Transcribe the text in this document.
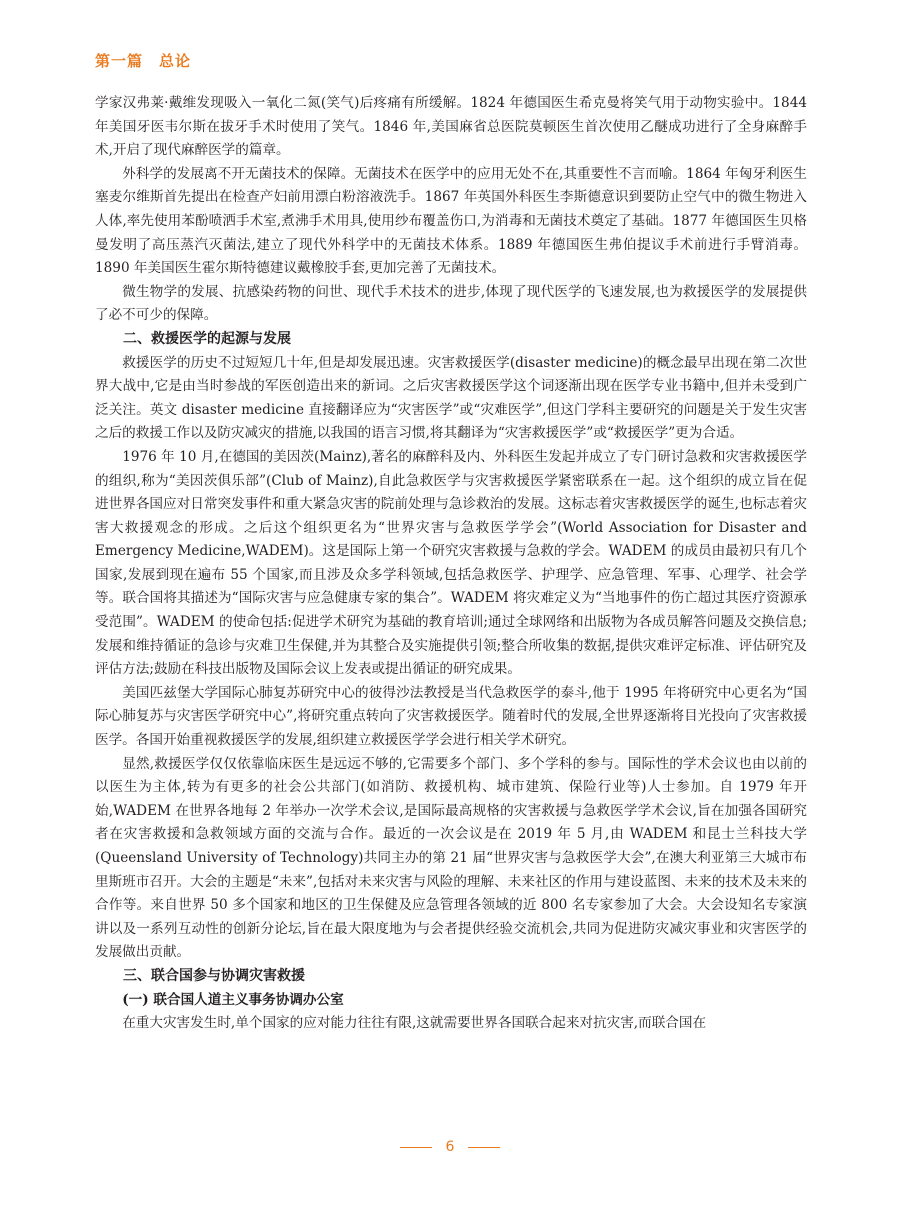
第一篇　总论

学家汉弗莱·戴维发现吸入一氧化二氮(笑气)后疼痛有所缓解。1824 年德国医生希克曼将笑气用于动物实验中。1844 年美国牙医韦尔斯在拔牙手术时使用了笑气。1846 年,美国麻省总医院莫顿医生首次使用乙醚成功进行了全身麻醉手术,开启了现代麻醉医学的篇章。

外科学的发展离不开无菌技术的保障。无菌技术在医学中的应用无处不在,其重要性不言而喻。1864 年匈牙利医生塞麦尔维斯首先提出在检查产妇前用漂白粉溶液洗手。1867 年英国外科医生李斯德意识到要防止空气中的微生物进入人体,率先使用苯酚喷洒手术室,煮沸手术用具,使用纱布覆盖伤口,为消毒和无菌技术奠定了基础。1877 年德国医生贝格曼发明了高压蒸汽灭菌法,建立了现代外科学中的无菌技术体系。1889 年德国医生弗伯提议手术前进行手臂消毒。1890 年美国医生霍尔斯特德建议戴橡胶手套,更加完善了无菌技术。

微生物学的发展、抗感染药物的问世、现代手术技术的进步,体现了现代医学的飞速发展,也为救援医学的发展提供了必不可少的保障。

二、救援医学的起源与发展

救援医学的历史不过短短几十年,但是却发展迅速。灾害救援医学(disaster medicine)的概念最早出现在第二次世界大战中,它是由当时参战的军医创造出来的新词。之后灾害救援医学这个词逐渐出现在医学专业书籍中,但并未受到广泛关注。英文 disaster medicine 直接翻译应为“灾害医学”或“灾难医学”,但这门学科主要研究的问题是关于发生灾害之后的救援工作以及防灾减灾的措施,以我国的语言习惯,将其翻译为“灾害救援医学”或“救援医学”更为合适。

1976 年 10 月,在德国的美因茨(Mainz),著名的麻醉科及内、外科医生发起并成立了专门研讨急救和灾害救援医学的组织,称为“美因茨俱乐部”(Club of Mainz),自此急救医学与灾害救援医学紧密联系在一起。这个组织的成立旨在促进世界各国应对日常突发事件和重大紧急灾害的院前处理与急诊救治的发展。这标志着灾害救援医学的诞生,也标志着灾害大救援观念的形成。之后这个组织更名为“世界灾害与急救医学学会”(World Association for Disaster and Emergency Medicine,WADEM)。这是国际上第一个研究灾害救援与急救的学会。WADEM 的成员由最初只有几个国家,发展到现在遍布 55 个国家,而且涉及众多学科领域,包括急救医学、护理学、应急管理、军事、心理学、社会学等。联合国将其描述为“国际灾害与应急健康专家的集合”。WADEM 将灾难定义为“当地事件的伤亡超过其医疗资源承受范围”。WADEM 的使命包括:促进学术研究为基础的教育培训;通过全球网络和出版物为各成员解答问题及交换信息;发展和维持循证的急诊与灾难卫生保健,并为其整合及实施提供引领;整合所收集的数据,提供灾难评定标准、评估研究及评估方法;鼓励在科技出版物及国际会议上发表或提出循证的研究成果。

美国匹兹堡大学国际心肺复苏研究中心的彼得沙法教授是当代急救医学的泰斗,他于 1995 年将研究中心更名为“国际心肺复苏与灾害医学研究中心”,将研究重点转向了灾害救援医学。随着时代的发展,全世界逐渐将目光投向了灾害救援医学。各国开始重视救援医学的发展,组织建立救援医学学会进行相关学术研究。

显然,救援医学仅仅依靠临床医生是远远不够的,它需要多个部门、多个学科的参与。国际性的学术会议也由以前的以医生为主体,转为有更多的社会公共部门(如消防、救援机构、城市建筑、保险行业等)人士参加。自 1979 年开始,WADEM 在世界各地每 2 年举办一次学术会议,是国际最高规格的灾害救援与急救医学学术会议,旨在加强各国研究者在灾害救援和急救领域方面的交流与合作。最近的一次会议是在 2019 年 5 月,由 WADEM 和昆士兰科技大学(Queensland University of Technology)共同主办的第 21 届“世界灾害与急救医学大会”,在澳大利亚第三大城市布里斯班市召开。大会的主题是“未来”,包括对未来灾害与风险的理解、未来社区的作用与建设蓝图、未来的技术及未来的合作等。来自世界 50 多个国家和地区的卫生保健及应急管理各领域的近 800 名专家参加了大会。大会设知名专家演讲以及一系列互动性的创新分论坛,旨在最大限度地为与会者提供经验交流机会,共同为促进防灾减灾事业和灾害医学的发展做出贡献。

三、联合国参与协调灾害救援
(一) 联合国人道主义事务协调办公室

在重大灾害发生时,单个国家的应对能力往往有限,这就需要世界各国联合起来对抗灾害,而联合国在

6
